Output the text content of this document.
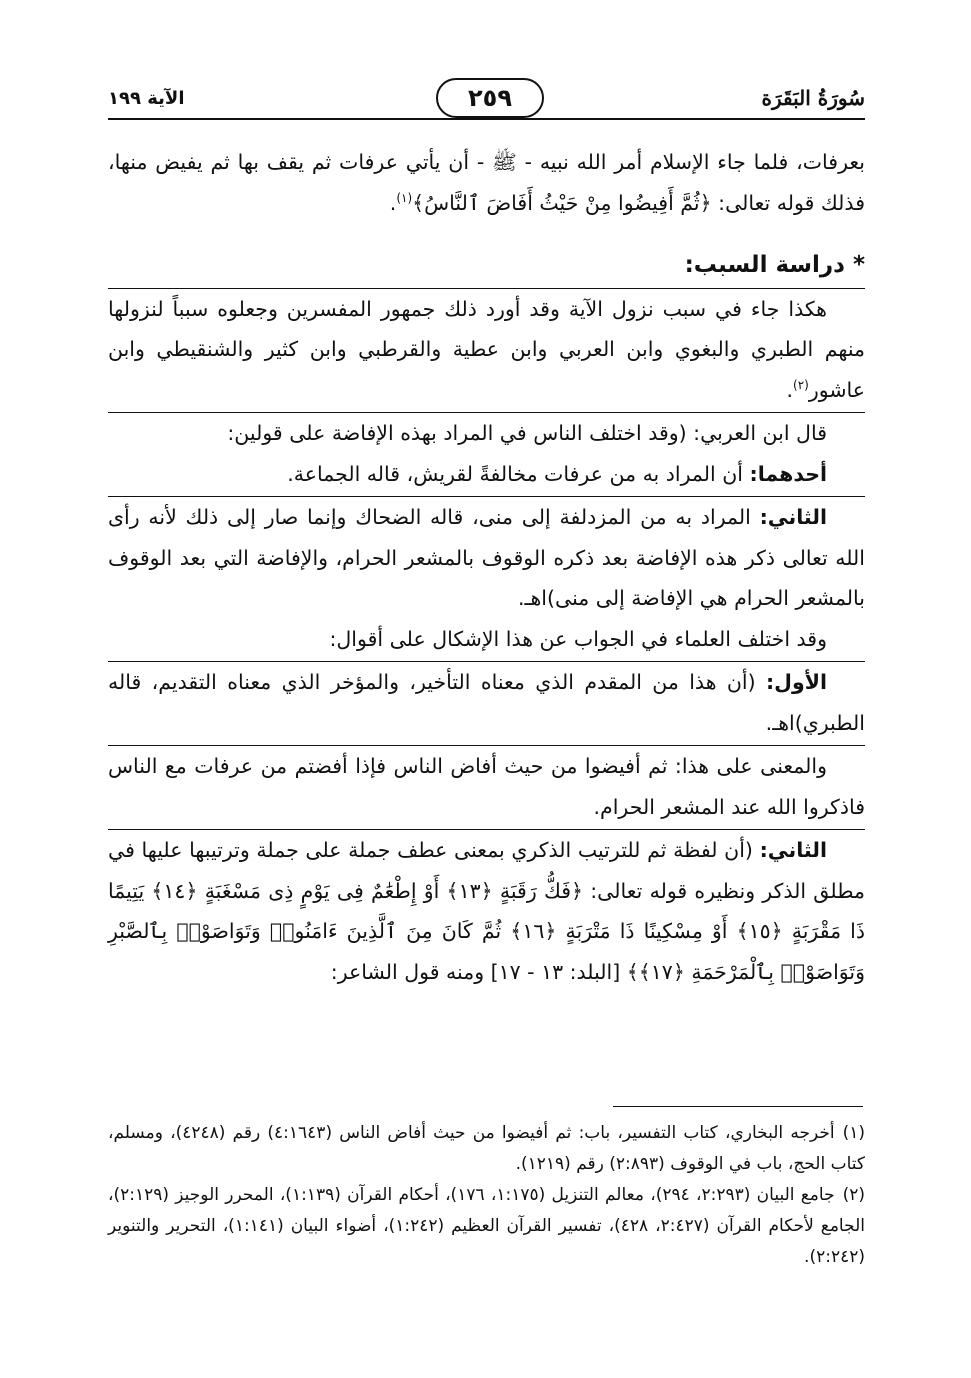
سُورَةُ البَقَرَة
٢٥٩
الآية ١٩٩

بعرفات، فلما جاء الإسلام أمر الله نبيه - ﷺ - أن يأتي عرفات ثم يقف بها ثم يفيض منها، فذلك قوله تعالى: ﴿ثُمَّ أَفِيضُوا مِنْ حَيْثُ أَفَاضَ ٱلنَّاسُ﴾$^{(١)}$.

* دراسة السبب:

هكذا جاء في سبب نزول الآية وقد أورد ذلك جمهور المفسرين وجعلوه سبباً لنزولها منهم الطبري والبغوي وابن العربي وابن عطية والقرطبي وابن كثير والشنقيطي وابن عاشور$^{(٢)}$.

قال ابن العربي: (وقد اختلف الناس في المراد بهذه الإفاضة على قولين:

أحدهما: أن المراد به من عرفات مخالفةً لقريش، قاله الجماعة.

الثاني: المراد به من المزدلفة إلى منى، قاله الضحاك وإنما صار إلى ذلك لأنه رأى الله تعالى ذكر هذه الإفاضة بعد ذكره الوقوف بالمشعر الحرام، والإفاضة التي بعد الوقوف بالمشعر الحرام هي الإفاضة إلى منى)اهـ.

وقد اختلف العلماء في الجواب عن هذا الإشكال على أقوال:

الأول: (أن هذا من المقدم الذي معناه التأخير، والمؤخر الذي معناه التقديم، قاله الطبري)اهـ.

والمعنى على هذا: ثم أفيضوا من حيث أفاض الناس فإذا أفضتم من عرفات مع الناس فاذكروا الله عند المشعر الحرام.

الثاني: (أن لفظة ثم للترتيب الذكري بمعنى عطف جملة على جملة وترتيبها عليها في مطلق الذكر ونظيره قوله تعالى: ﴿فَكُّ رَقَبَةٍ ﴿١٣﴾ أَوْ إِطْعَٰمٌ فِى يَوْمٍ ذِى مَسْغَبَةٍ ﴿١٤﴾ يَتِيمًا ذَا مَقْرَبَةٍ ﴿١٥﴾ أَوْ مِسْكِينًا ذَا مَتْرَبَةٍ ﴿١٦﴾ ثُمَّ كَانَ مِنَ ٱلَّذِينَ ءَامَنُوا۟ وَتَوَاصَوْا۟ بِٱلصَّبْرِ وَتَوَاصَوْا۟ بِٱلْمَرْحَمَةِ ﴿١٧﴾﴾ [البلد: ١٣ - ١٧] ومنه قول الشاعر:

(١)أخرجه البخاري، كتاب التفسير، باب: ثم أفيضوا من حيث أفاض الناس (٤:١٦٤٣) رقم (٤٢٤٨)، ومسلم، كتاب الحج، باب في الوقوف (٢:٨٩٣) رقم (١٢١٩).

(٢)جامع البيان (٢:٢٩٣، ٢٩٤)، معالم التنزيل (١:١٧٥، ١٧٦)، أحكام القرآن (١:١٣٩)، المحرر الوجيز (٢:١٢٩)، الجامع لأحكام القرآن (٢:٤٢٧، ٤٢٨)، تفسير القرآن العظيم (١:٢٤٢)، أضواء البيان (١:١٤١)، التحرير والتنوير (٢:٢٤٢).
